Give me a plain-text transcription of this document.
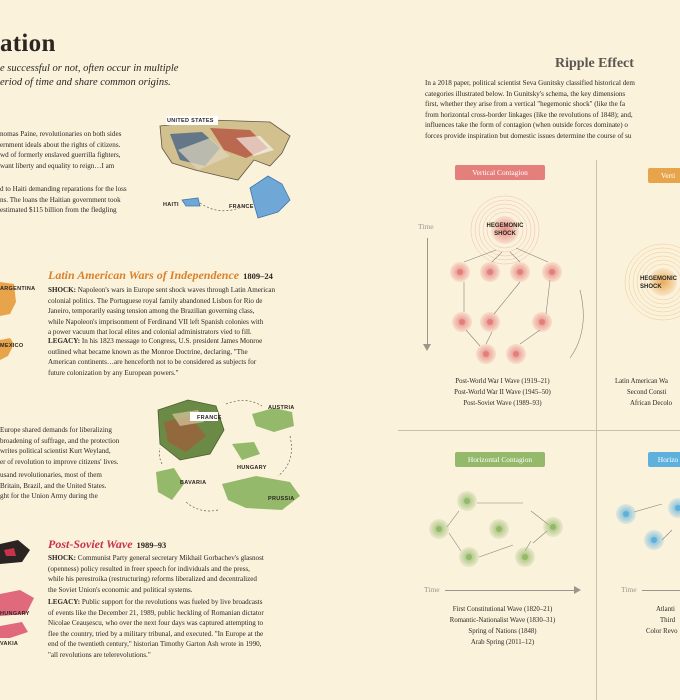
ation
e successful or not, often occur in multiple
eriod of time and share common origins.
nomas Paine, revolutionaries on both sides
ernment ideals about the rights of citizens.
wd of formerly enslaved guerrilla fighters,
want liberty and equality to reign…I am
d to Haiti demanding reparations for the loss
ns. The loans the Haitian government took
estimated $115 billion from the fledgling
UNITED STATES
HAITI	FRANCE
ARGENTINA
MEXICO
Latin American Wars of Independence 1809–24
SHOCK: Napoleon's wars in Europe sent shock waves through Latin American
colonial politics. The Portuguese royal family abandoned Lisbon for Rio de
Janeiro, temporarily easing tension among the Brazilian governing class,
while Napoleon's imprisonment of Ferdinand VII left Spanish colonies with
a power vacuum that local elites and colonial administrators vied to fill.
LEGACY: In his 1823 message to Congress, U.S. president James Monroe
outlined what became known as the Monroe Doctrine, declaring, "The
American continents…are henceforth not to be considered as subjects for
future colonization by any European powers."
Europe shared demands for liberalizing
broadening of suffrage, and the protection
writes political scientist Kurt Weyland,
er of revolution to improve citizens' lives.
usand revolutionaries, most of them
Britain, Brazil, and the United States.
ght for the Union Army during the
FRANCE
AUSTRIA
HUNGARY
BAVARIA
PRUSSIA
HUNGARY
VAKIA
Post-Soviet Wave 1989–93
SHOCK: Communist Party general secretary Mikhail Gorbachev's glasnost
(openness) policy resulted in freer speech for individuals and the press,
while his perestroika (restructuring) reforms liberalized and decentralized
the Soviet Union's economic and political systems.
LEGACY: Public support for the revolutions was fueled by live broadcasts
of events like the December 21, 1989, public heckling of Romanian dictator
Nicolae Ceaușescu, who over the next four days was captured attempting to
flee the country, tried by a military tribunal, and executed. "In Europe at the
end of the twentieth century," historian Timothy Garton Ash wrote in 1990,
"all revolutions are telerevolutions."
Ripple Effect
In a 2018 paper, political scientist Seva Gunitsky classified historical dem
categories illustrated below. In Gunitsky's schema, the key dimensions
first, whether they arise from a vertical "hegemonic shock" (like the fa
from horizontal cross-border linkages (like the revolutions of 1848); and,
influences take the form of contagion (when outside forces dominate) o
forces provide inspiration but domestic issues determine the course of su
Vertical Contagion
Time	HEGEMONIC
SHOCK
Post-World War I Wave (1919–21)
Post-World War II Wave (1945–50)
Post-Soviet Wave (1989–93)
Verti
HEGEMONIC
SHOCK
Latin American Wa
Second Consti
African Decolo
Horizontal Contagion
Time
First Constitutional Wave (1820–21)
Romantic-Nationalist Wave (1830–31)
Spring of Nations (1848)
Arab Spring (2011–12)
Horizo
Time
Atlanti
Third
Color Revo
